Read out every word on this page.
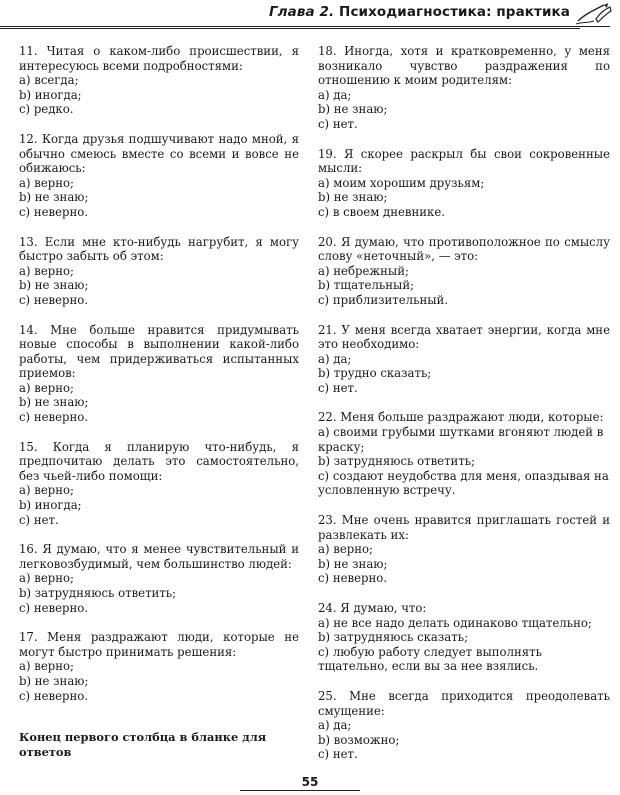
Глава 2. Психодиагностика: практика

11. Читая о каком-либо происшествии, я интересуюсь всеми подробностями:

a) всегда;

b) иногда;

c) редко.

12. Когда друзья подшучивают надо мной, я обычно смеюсь вместе со всеми и вовсе не обижаюсь:

a) верно;

b) не знаю;

c) неверно.

13. Если мне кто-нибудь нагрубит, я могу быстро забыть об этом:

a) верно;

b) не знаю;

c) неверно.

14. Мне больше нравится придумывать новые способы в выполнении какой-либо работы, чем придерживаться испытанных приемов:

a) верно;

b) не знаю;

c) неверно.

15. Когда я планирую что-нибудь, я предпочитаю делать это самостоятельно, без чьей-либо помощи:

a) верно;

b) иногда;

c) нет.

16. Я думаю, что я менее чувствительный и легковозбудимый, чем большинство людей:

a) верно;

b) затрудняюсь ответить;

c) неверно.

17. Меня раздражают люди, которые не могут быстро принимать решения:

a) верно;

b) не знаю;

c) неверно.

Конец первого столбца в бланке для ответов

18. Иногда, хотя и кратковременно, у меня возникало чувство раздражения по отношению к моим родителям:

a) да;

b) не знаю;

c) нет.

19. Я скорее раскрыл бы свои сокровенные мысли:

a) моим хорошим друзьям;

b) не знаю;

c) в своем дневнике.

20. Я думаю, что противоположное по смыслу слову «неточный», — это:

a) небрежный;

b) тщательный;

c) приблизительный.

21. У меня всегда хватает энергии, когда мне это необходимо:

a) да;

b) трудно сказать;

c) нет.

22. Меня больше раздражают люди, которые:

a) своими грубыми шутками вгоняют людей в краску;

b) затрудняюсь ответить;

c) создают неудобства для меня, опаздывая на условленную встречу.

23. Мне очень нравится приглашать гостей и развлекать их:

a) верно;

b) не знаю;

c) неверно.

24. Я думаю, что:

a) не все надо делать одинаково тщательно;

b) затрудняюсь сказать;

c) любую работу следует выполнять тщательно, если вы за нее взялись.

25. Мне всегда приходится преодолевать смущение:

a) да;

b) возможно;

c) нет.

55
